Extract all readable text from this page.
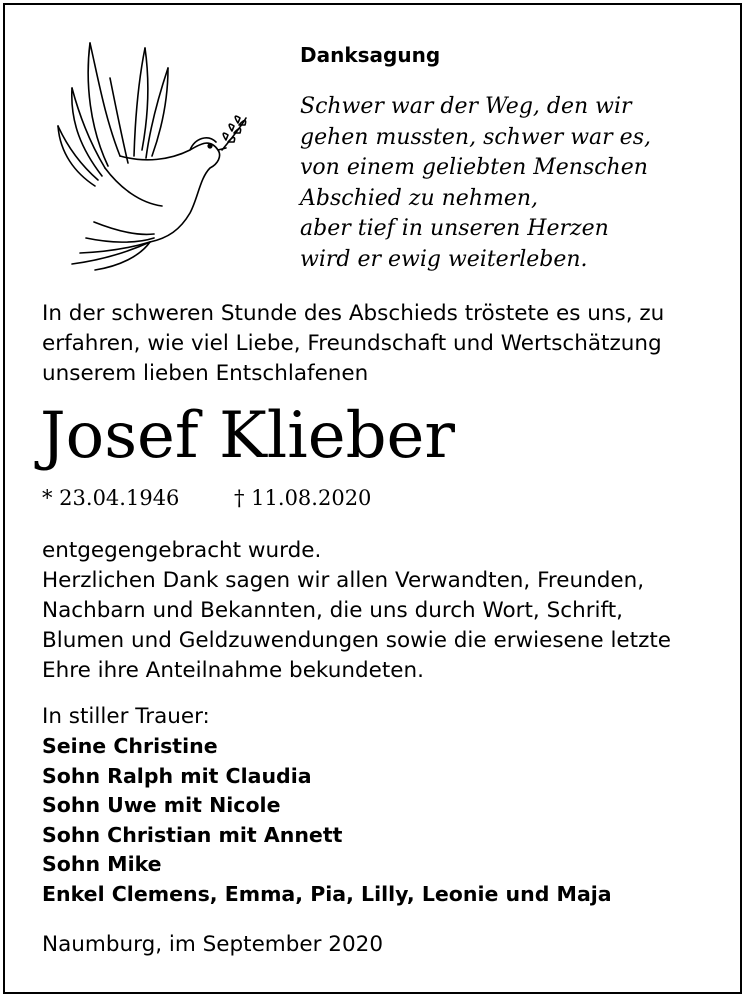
Danksagung
Schwer war der Weg, den wir
gehen mussten, schwer war es,
von einem geliebten Menschen
Abschied zu nehmen,
aber tief in unseren Herzen
wird er ewig weiterleben.
In der schweren Stunde des Abschieds tröstete es uns, zu
erfahren, wie viel Liebe, Freundschaft und Wertschätzung
unserem lieben Entschlafenen
Josef Klieber
* 23.04.1946	† 11.08.2020
entgegengebracht wurde.
Herzlichen Dank sagen wir allen Verwandten, Freunden,
Nachbarn und Bekannten, die uns durch Wort, Schrift,
Blumen und Geldzuwendungen sowie die erwiesene letzte
Ehre ihre Anteilnahme bekundeten.
In stiller Trauer:
Seine Christine
Sohn Ralph mit Claudia
Sohn Uwe mit Nicole
Sohn Christian mit Annett
Sohn Mike
Enkel Clemens, Emma, Pia, Lilly, Leonie und Maja
Naumburg, im September 2020
